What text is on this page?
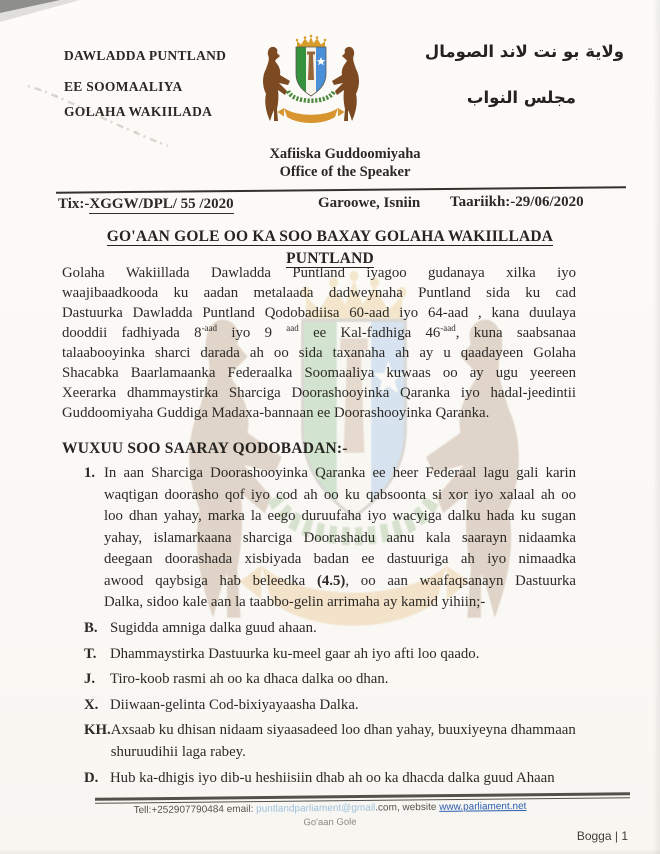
DAWLADDA PUNTLAND
EE SOOMAALIYA
GOLAHA WAKIILADA
ولاية بو نت لاند الصومال
مجلس النواب
Xafiiska Guddoomiyaha
Office of the Speaker
Tix:-XGGW/DPL/ 55 /2020	Garoowe, Isniin Taariikh:-29/06/2020
GO'AAN GOLE OO KA SOO BAXAY GOLAHA WAKIILLADA
PUNTLAND
Golaha Wakiillada Dawladda Puntland iyagoo gudanaya xilka iyo
waajibaadkooda ku aadan metalaada dadweynaha Puntland sida ku cad
Dastuurka Dawladda Puntland Qodobadiisa 60-aad iyo 64-aad , kana duulaya
dooddii fadhiyada $8^{-aad}$ iyo 9 $^{aad}$ ee Kal-fadhiga $46^{-aad}$, kuna saabsanaa
talaabooyinka sharci darada ah oo sida taxanaha ah ay u qaadayeen Golaha
Shacabka Baarlamaanka Federaalka Soomaaliya kuwaas oo ay ugu yeereen
Xeerarka dhammaystirka Sharciga Doorashooyinka Qaranka iyo hadal-jeedintii
Guddoomiyaha Guddiga Madaxa-bannaan ee Doorashooyinka Qaranka.
WUXUU SOO SAARAY QODOBADAN:-
1. In aan Sharciga Doorashooyinka Qaranka ee heer Federaal lagu gali karin
waqtigan doorasho qof iyo cod ah oo ku qabsoonta si xor iyo xalaal ah oo
loo dhan yahay, marka la eego duruufaha iyo wacyiga dalku hada ku sugan
yahay, islamarkaana sharciga Doorashadu aanu kala saarayn nidaamka
deegaan doorashada xisbiyada badan ee dastuuriga ah iyo nimaadka
awood qaybsiga hab beleedka (4.5), oo aan waafaqsanayn Dastuurka
Dalka, sidoo kale aan la taabbo-gelin arrimaha ay kamid yihiin;-
B. Sugidda amniga dalka guud ahaan.
T. Dhammaystirka Dastuurka ku-meel gaar ah iyo afti loo qaado.
J.	Tiro-koob rasmi ah oo ka dhaca dalka oo dhan.
X. Diiwaan-gelinta Cod-bixiyayaasha Dalka.
KH. Axsaab ku dhisan nidaam siyaasadeed loo dhan yahay, buuxiyeyna dhammaan shuruudihii laga rabey.
D. Hub ka-dhigis iyo dib-u heshiisiin dhab ah oo ka dhacda dalka guud Ahaan
Tell:+252907790484 email: puntlandparliament@gmail.com, website www.parliament.net
Go'aan Gole
Bogga | 1
